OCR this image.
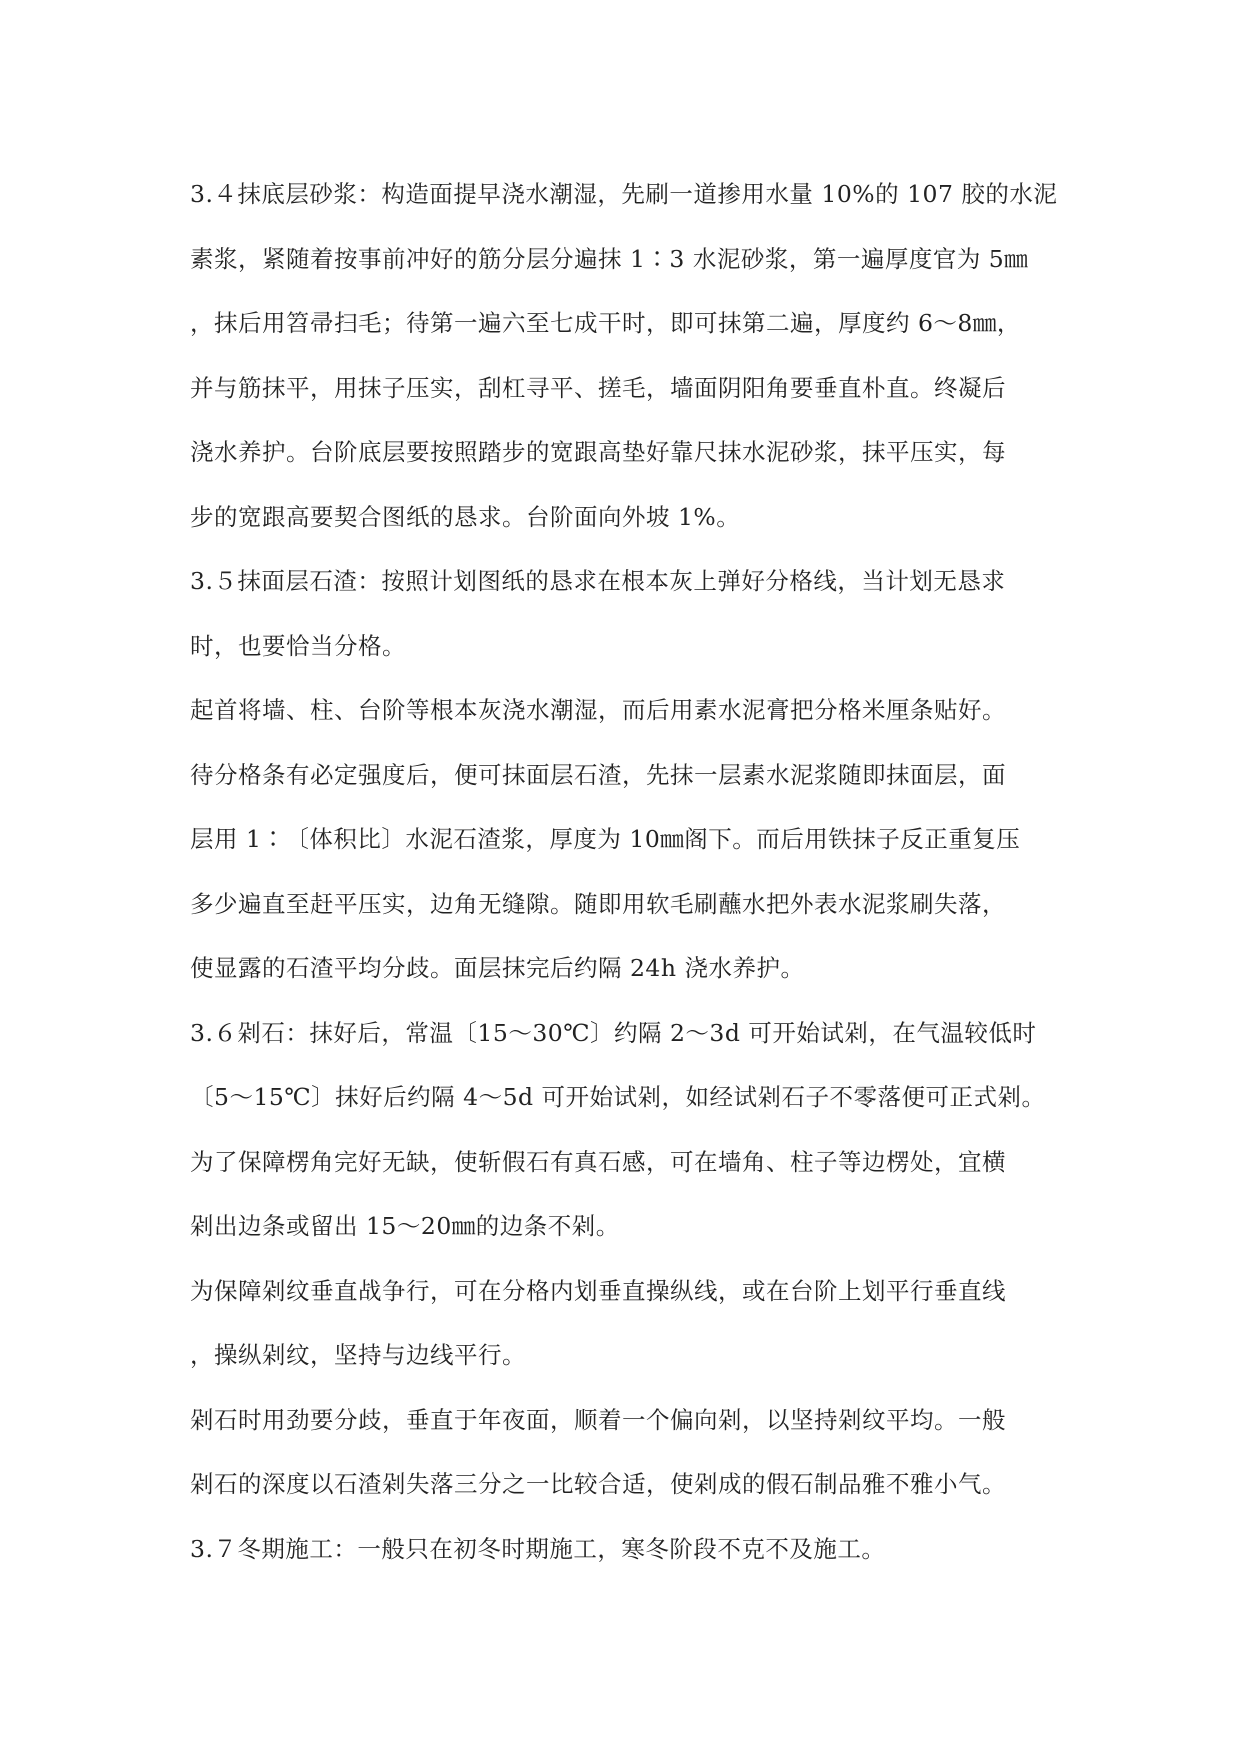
3.４抹底层砂浆：构造面提早浇水潮湿，先刷一道掺用水量 10%的 107 胶的水泥
素浆，紧随着按事前冲好的筋分层分遍抹 1∶3 水泥砂浆，第一遍厚度官为 5㎜
，抹后用笤帚扫毛；待第一遍六至七成干时，即可抹第二遍，厚度约 6～8㎜，
并与筋抹平，用抹子压实，刮杠寻平、搓毛，墙面阴阳角要垂直朴直。终凝后
浇水养护。台阶底层要按照踏步的宽跟高垫好靠尺抹水泥砂浆，抹平压实，每
步的宽跟高要契合图纸的恳求。台阶面向外坡 1%。
3.５抹面层石渣：按照计划图纸的恳求在根本灰上弹好分格线，当计划无恳求
时，也要恰当分格。
起首将墙、柱、台阶等根本灰浇水潮湿，而后用素水泥膏把分格米厘条贴好。
待分格条有必定强度后，便可抹面层石渣，先抹一层素水泥浆随即抹面层，面
层用 1∶〔体积比〕水泥石渣浆，厚度为 10㎜阁下。而后用铁抹子反正重复压
多少遍直至赶平压实，边角无缝隙。随即用软毛刷蘸水把外表水泥浆刷失落，
使显露的石渣平均分歧。面层抹完后约隔 24h 浇水养护。
3.６剁石：抹好后，常温〔15～30℃〕约隔 2～3d 可开始试剁，在气温较低时
〔5～15℃〕抹好后约隔 4～5d 可开始试剁，如经试剁石子不零落便可正式剁。
为了保障楞角完好无缺，使斩假石有真石感，可在墙角、柱子等边楞处，宜横
剁出边条或留出 15～20㎜的边条不剁。
为保障剁纹垂直战争行，可在分格内划垂直操纵线，或在台阶上划平行垂直线
，操纵剁纹，坚持与边线平行。
剁石时用劲要分歧，垂直于年夜面，顺着一个偏向剁，以坚持剁纹平均。一般
剁石的深度以石渣剁失落三分之一比较合适，使剁成的假石制品雅不雅小气。
3.７冬期施工：一般只在初冬时期施工，寒冬阶段不克不及施工。
